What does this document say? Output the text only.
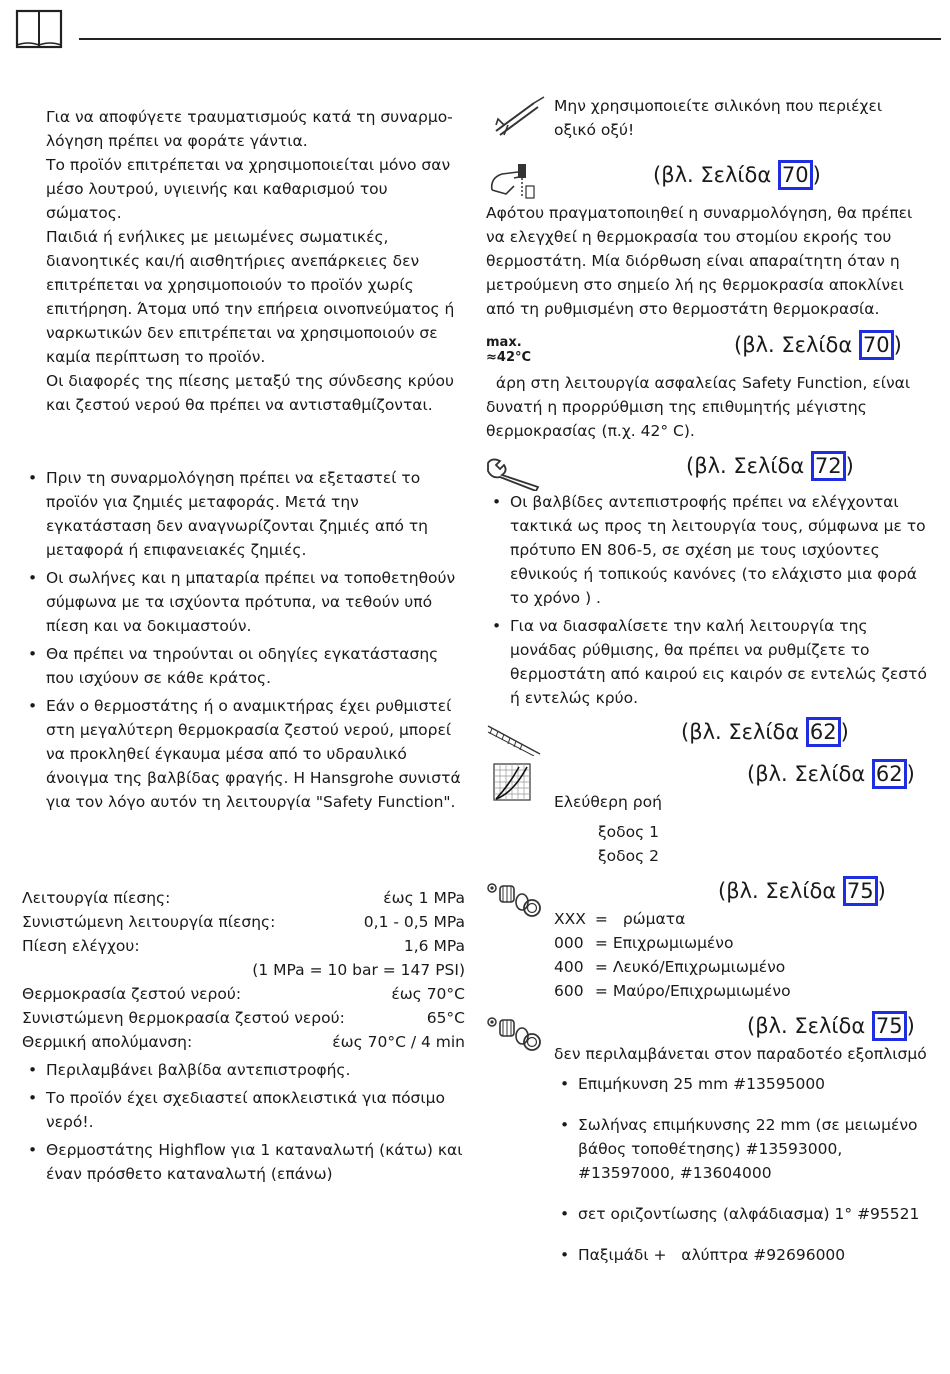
Για να αποφύγετε τραυματισμούς κατά τη συναρμο-λόγηση πρέπει να φοράτε γάντια.

Το προϊόν επιτρέπεται να χρησιμοποιείται μόνο σαν μέσο λουτρού, υγιεινής και καθαρισμού του σώματος.

Παιδιά ή ενήλικες με μειωμένες σωματικές, διανοητικές και/ή αισθητήριες ανεπάρκειες δεν επιτρέπεται να χρησιμοποιούν το προϊόν χωρίς επιτήρηση. Άτομα υπό την επήρεια οινοπνεύματος ή ναρκωτικών δεν επιτρέπεται να χρησιμοποιούν σε καμία περίπτωση το προϊόν.

Οι διαφορές της πίεσης μεταξύ της σύνδεσης κρύου και ζεστού νερού θα πρέπει να αντισταθμίζονται.

• Πριν τη συναρμολόγηση πρέπει να εξεταστεί το προϊόν για ζημιές μεταφοράς. Μετά την εγκατάσταση δεν αναγνωρίζονται ζημιές από τη μεταφορά ή επιφανειακές ζημιές.

• Οι σωλήνες και η μπαταρία πρέπει να τοποθετηθούν σύμφωνα με τα ισχύοντα πρότυπα, να τεθούν υπό πίεση και να δοκιμαστούν.

• Θα πρέπει να τηρούνται οι οδηγίες εγκατάστασης που ισχύουν σε κάθε κράτος.

• Εάν ο θερμοστάτης ή ο αναμικτήρας έχει ρυθμιστεί στη μεγαλύτερη θερμοκρασία ζεστού νερού, μπορεί να προκληθεί έγκαυμα μέσα από το υδραυλικό άνοιγμα της βαλβίδας φραγής. Η Hansgrohe συνιστά για τον λόγο αυτόν τη λειτουργία "Safety Function".

Λειτουργία πίεσης:	έως 1 MPa
Συνιστώμενη λειτουργία πίεσης:	0,1 - 0,5 MPa
Πίεση ελέγχου:	1,6 MPa
(1 MPa = 10 bar = 147 PSI)
Θερμοκρασία ζεστού νερού:	έως 70°C
Συνιστώμενη θερμοκρασία ζεστού νερού:	65°C
Θερμική απολύμανση:	έως 70°C / 4 min

• Περιλαμβάνει βαλβίδα αντεπιστροφής.

• Το προϊόν έχει σχεδιαστεί αποκλειστικά για πόσιμο νερό!.

• Θερμοστάτης Highflow για 1 καταναλωτή (κάτω) και έναν πρόσθετο καταναλωτή (επάνω)

Μην χρησιμοποιείτε σιλικόνη που περιέχει οξικό οξύ!

(βλ. Σελίδα 70 )

Αφότου πραγματοποιηθεί η συναρμολόγηση, θα πρέπει να ελεγχθεί η θερμοκρασία του στομίου εκροής του θερμοστάτη. Μία διόρθωση είναι απαραίτητη όταν η μετρούμενη στο σημείο λή ης θερμοκρασία αποκλίνει από τη ρυθμισμένη στο θερμοστάτη θερμοκρασία.

max.
≈42°C
(βλ. Σελίδα 70 )

άρη στη λειτουργία ασφαλείας Safety Function, είναι δυνατή η προρρύθμιση της επιθυμητής μέγιστης θερμοκρασίας (π.χ. 42° C).

(βλ. Σελίδα 72 )

• Οι βαλβίδες αντεπιστροφής πρέπει να ελέγχονται τακτικά ως προς τη λειτουργία τους, σύμφωνα με το πρότυπο EN 806-5, σε σχέση με τους ισχύοντες εθνικούς ή τοπικούς κανόνες (το ελάχιστο μια φορά το χρόνο ) .

• Για να διασφαλίσετε την καλή λειτουργία της μονάδας ρύθμισης, θα πρέπει να ρυθμίζετε το θερμοστάτη από καιρού εις καιρόν σε εντελώς ζεστό ή εντελώς κρύο.

(βλ. Σελίδα 62 )
(βλ. Σελίδα 62 )
Ελεύθερη ροή
ξοδος 1
ξοδος 2
(βλ. Σελίδα 75 )
XXX = ρώματα
000 = Επιχρωμιωμένο
400 = Λευκό/Επιχρωμιωμένο
600 = Μαύρο/Επιχρωμιωμένο
(βλ. Σελίδα 75 )

δεν περιλαμβάνεται στον παραδοτέο εξοπλισμό

• Επιμήκυνση 25 mm #13595000

• Σωλήνας επιμήκυνσης 22 mm (σε μειωμένο βάθος τοποθέτησης) #13593000, #13597000, #13604000

• σετ οριζοντίωσης (αλφάδιασμα) 1° #95521

• Παξιμάδι +   αλύπτρα #92696000
